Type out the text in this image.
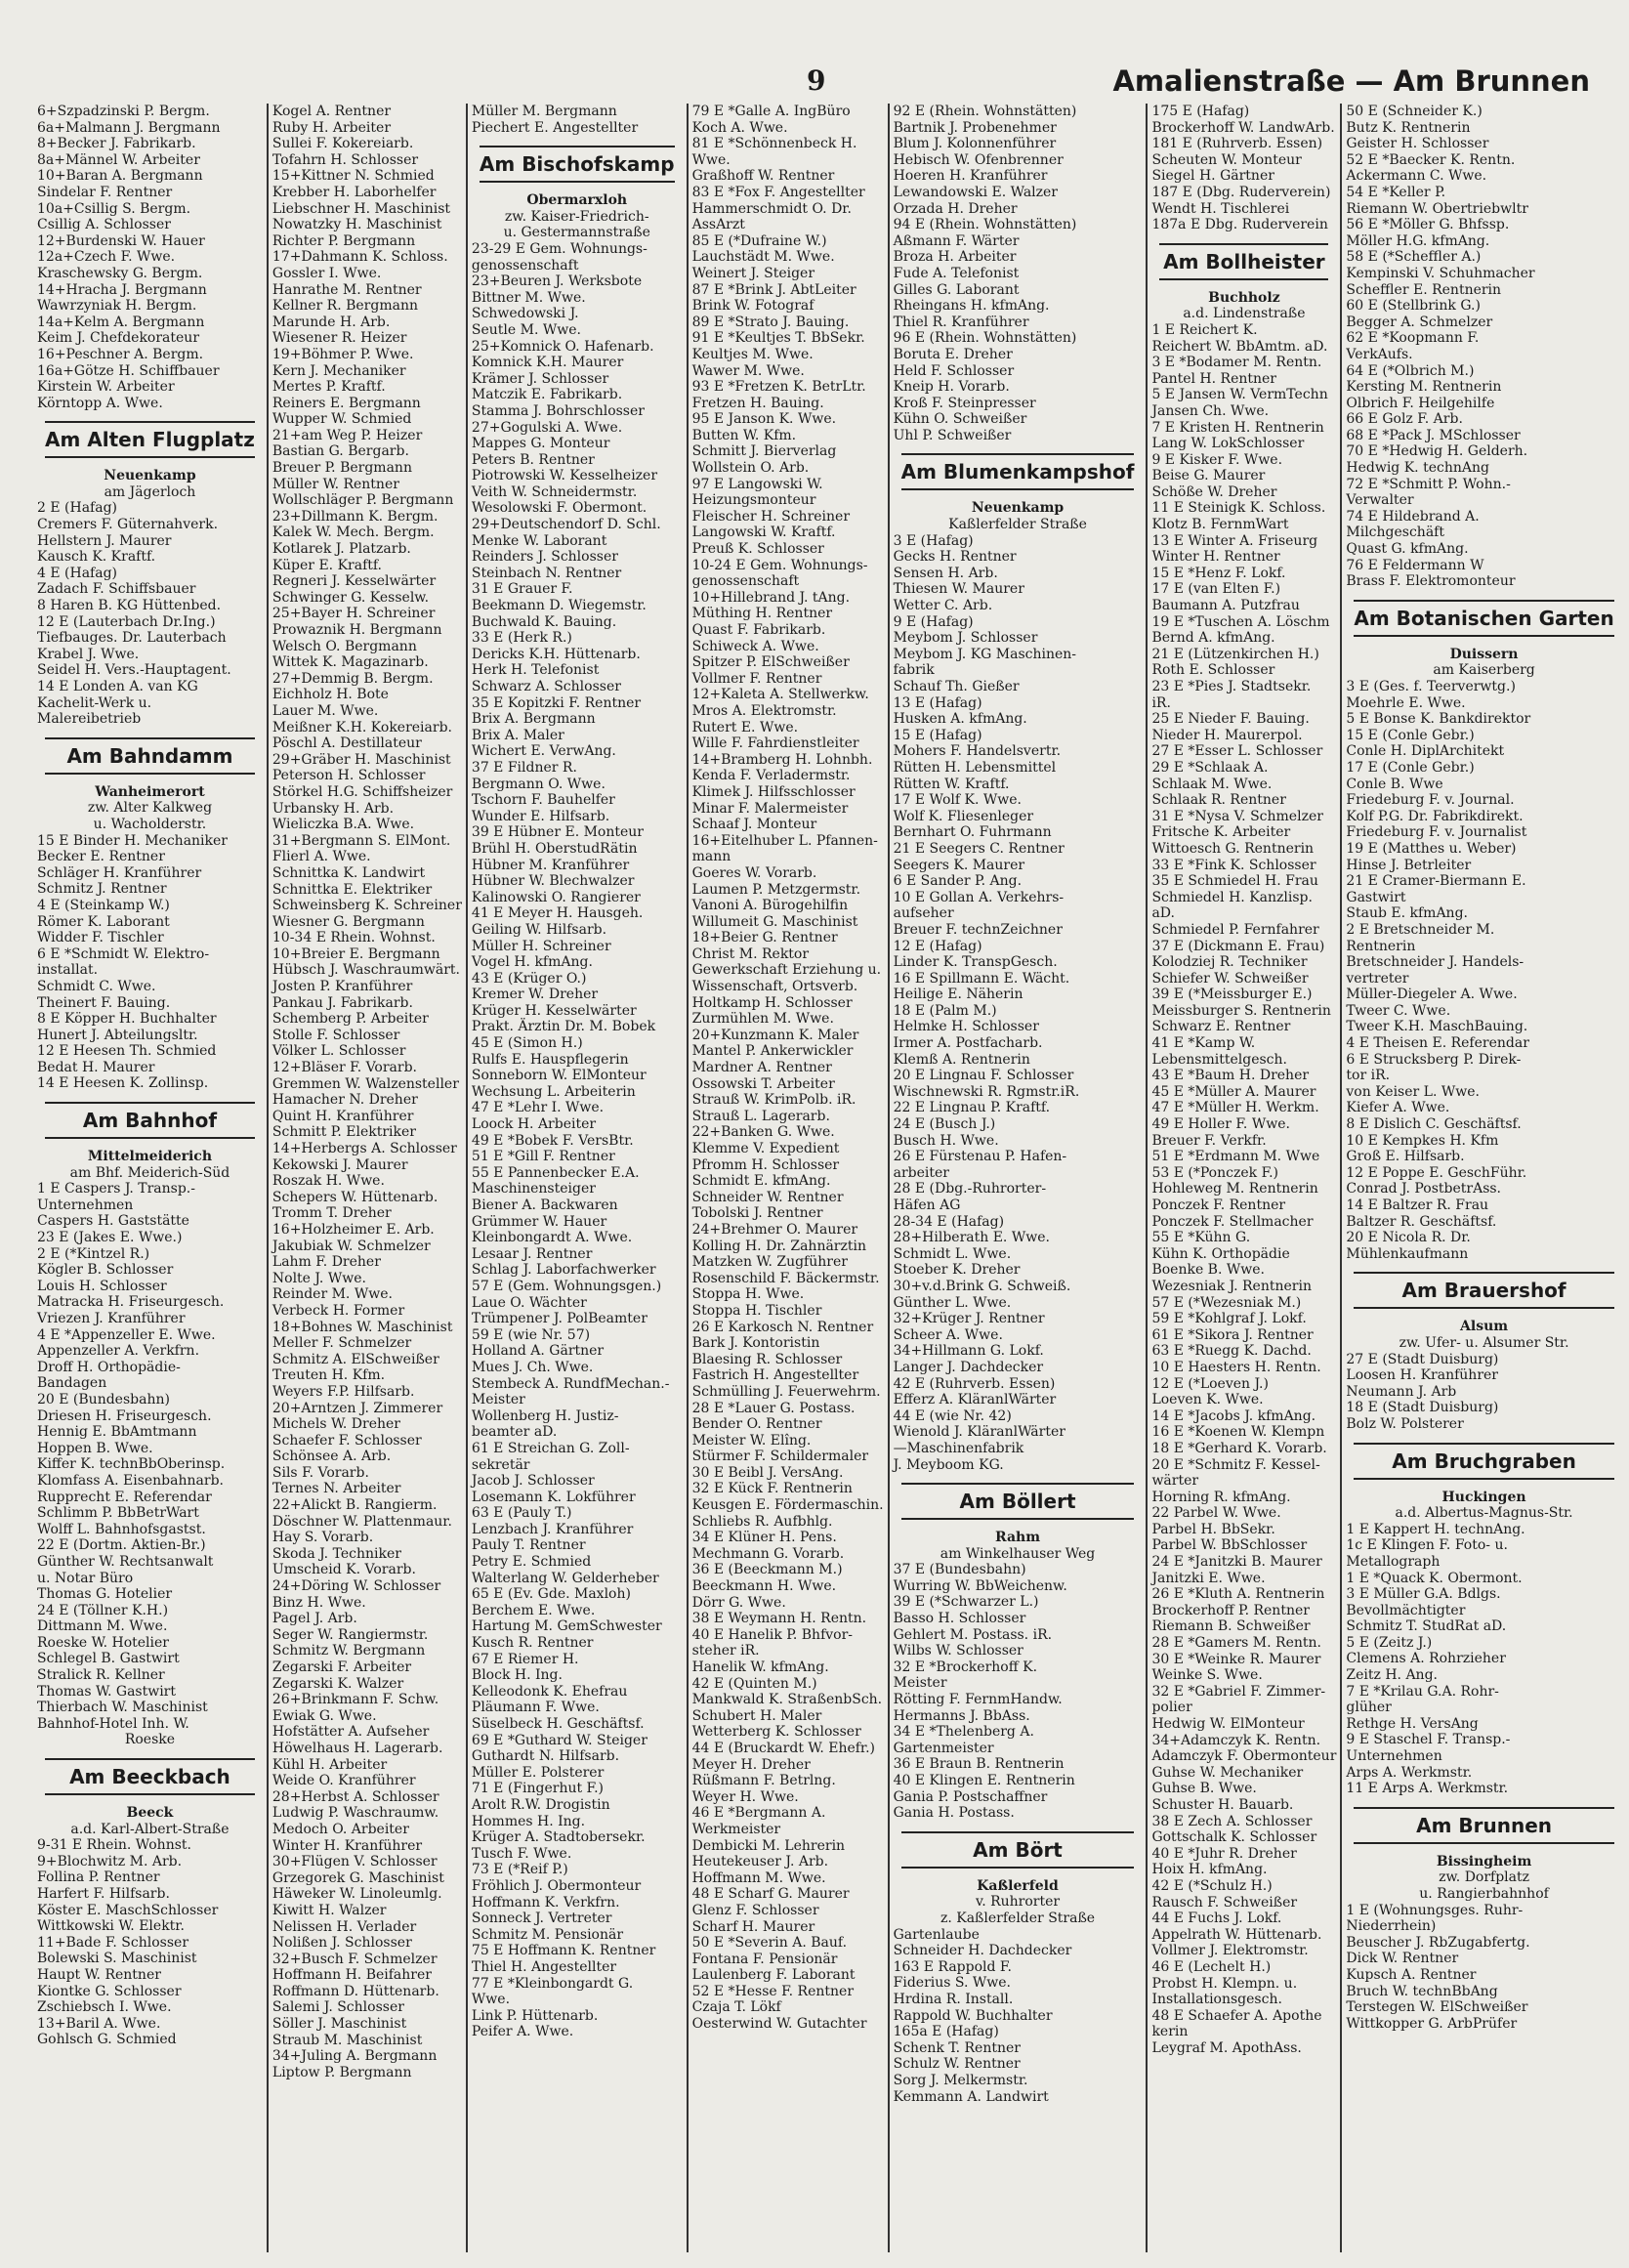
9	Amalienstraße — Am Brunnen
6+Szpadzinski P. Bergm.
6a+Malmann J. Bergmann
8+Becker J. Fabrikarb.
8a+Männel W. Arbeiter
10+Baran A. Bergmann
Sindelar F. Rentner
10a+Csillig S. Bergm.
Csillig A. Schlosser
12+Burdenski W. Hauer
12a+Czech F. Wwe.
Kraschewsky G. Bergm.
14+Hracha J. Bergmann
Wawrzyniak H. Bergm.
14a+Kelm A. Bergmann
Keim J. Chefdekorateur
16+Peschner A. Bergm.
16a+Götze H. Schiffbauer
Kirstein W. Arbeiter
Körntopp A. Wwe.
Am Alten Flugplatz
Neuenkamp
am Jägerloch
2 E (Hafag)
Cremers F. Güternahverk.
Hellstern J. Maurer
Kausch K. Kraftf.
4 E (Hafag)
Zadach F. Schiffsbauer
8 Haren B. KG Hüttenbed.
12 E (Lauterbach Dr.Ing.)
Tiefbauges. Dr. Lauterbach
Krabel J. Wwe.
Seidel H. Vers.-Hauptagent.
14 E Londen A. van KG
Kachelit-Werk u.
Malereibetrieb
Am Bahndamm
Wanheimerort
zw. Alter Kalkweg
u. Wacholderstr.
15 E Binder H. Mechaniker
Becker E. Rentner
Schläger H. Kranführer
Schmitz J. Rentner
4 E (Steinkamp W.)
Römer K. Laborant
Widder F. Tischler
6 E *Schmidt W. Elektro-
installat.
Schmidt C. Wwe.
Theinert F. Bauing.
8 E Köpper H. Buchhalter
Hunert J. Abteilungsltr.
12 E Heesen Th. Schmied
Bedat H. Maurer
14 E Heesen K. Zollinsp.
Am Bahnhof
Mittelmeiderich
am Bhf. Meiderich-Süd
1 E Caspers J. Transp.-
Unternehmen
Caspers H. Gaststätte
23 E (Jakes E. Wwe.)
2 E (*Kintzel R.)
Kögler B. Schlosser
Louis H. Schlosser
Matracka H. Friseurgesch.
Vriezen J. Kranführer
4 E *Appenzeller E. Wwe.
Appenzeller A. Verkfrn.
Droff H. Orthopädie-
Bandagen
20 E (Bundesbahn)
Driesen H. Friseurgesch.
Hennig E. BbAmtmann
Hoppen B. Wwe.
Kiffer K. technBbOberinsp.
Klomfass A. Eisenbahnarb.
Rupprecht E. Referendar
Schlimm P. BbBetrWart
Wolff L. Bahnhofsgastst.
22 E (Dortm. Aktien-Br.)
Günther W. Rechtsanwalt
u. Notar Büro
Thomas G. Hotelier
24 E (Töllner K.H.)
Dittmann M. Wwe.
Roeske W. Hotelier
Schlegel B. Gastwirt
Stralick R. Kellner
Thomas W. Gastwirt
Thierbach W. Maschinist
Bahnhof-Hotel Inh. W.
Roeske
Am Beeckbach
Beeck
a.d. Karl-Albert-Straße
9-31 E Rhein. Wohnst.
9+Blochwitz M. Arb.
Follina P. Rentner
Harfert F. Hilfsarb.
Köster E. MaschSchlosser
Wittkowski W. Elektr.
11+Bade F. Schlosser
Bolewski S. Maschinist
Haupt W. Rentner
Kiontke G. Schlosser
Zschiebsch I. Wwe.
13+Baril A. Wwe.
Gohlsch G. Schmied
Kogel A. Rentner
Ruby H. Arbeiter
Sullei F. Kokereiarb.
Tofahrn H. Schlosser
15+Kittner N. Schmied
Krebber H. Laborhelfer
Liebschner H. Maschinist
Nowatzky H. Maschinist
Richter P. Bergmann
17+Dahmann K. Schloss.
Gossler I. Wwe.
Hanrathe M. Rentner
Kellner R. Bergmann
Marunde H. Arb.
Wiesener R. Heizer
19+Böhmer P. Wwe.
Kern J. Mechaniker
Mertes P. Kraftf.
Reiners E. Bergmann
Wupper W. Schmied
21+am Weg P. Heizer
Bastian G. Bergarb.
Breuer P. Bergmann
Müller W. Rentner
Wollschläger P. Bergmann
23+Dillmann K. Bergm.
Kalek W. Mech. Bergm.
Kotlarek J. Platzarb.
Küper E. Kraftf.
Regneri J. Kesselwärter
Schwinger G. Kesselw.
25+Bayer H. Schreiner
Prowaznik H. Bergmann
Welsch O. Bergmann
Wittek K. Magazinarb.
27+Demmig B. Bergm.
Eichholz H. Bote
Lauer M. Wwe.
Meißner K.H. Kokereiarb.
Pöschl A. Destillateur
29+Gräber H. Maschinist
Peterson H. Schlosser
Störkel H.G. Schiffsheizer
Urbansky H. Arb.
Wieliczka B.A. Wwe.
31+Bergmann S. ElMont.
Flierl A. Wwe.
Schnittka K. Landwirt
Schnittka E. Elektriker
Schweinsberg K. Schreiner
Wiesner G. Bergmann
10-34 E Rhein. Wohnst.
10+Breier E. Bergmann
Hübsch J. Waschraumwärt.
Josten P. Kranführer
Pankau J. Fabrikarb.
Schemberg P. Arbeiter
Stolle F. Schlosser
Völker L. Schlosser
12+Bläser F. Vorarb.
Gremmen W. Walzensteller
Hamacher N. Dreher
Quint H. Kranführer
Schmitt P. Elektriker
14+Herbergs A. Schlosser
Kekowski J. Maurer
Roszak H. Wwe.
Schepers W. Hüttenarb.
Tromm T. Dreher
16+Holzheimer E. Arb.
Jakubiak W. Schmelzer
Lahm F. Dreher
Nolte J. Wwe.
Reinder M. Wwe.
Verbeck H. Former
18+Bohnes W. Maschinist
Meller F. Schmelzer
Schmitz A. ElSchweißer
Treuten H. Kfm.
Weyers F.P. Hilfsarb.
20+Arntzen J. Zimmerer
Michels W. Dreher
Schaefer F. Schlosser
Schönsee A. Arb.
Sils F. Vorarb.
Ternes N. Arbeiter
22+Alickt B. Rangierm.
Döschner W. Plattenmaur.
Hay S. Vorarb.
Skoda J. Techniker
Umscheid K. Vorarb.
24+Döring W. Schlosser
Binz H. Wwe.
Pagel J. Arb.
Seger W. Rangiermstr.
Schmitz W. Bergmann
Zegarski F. Arbeiter
Zegarski K. Walzer
26+Brinkmann F. Schw.
Ewiak G. Wwe.
Hofstätter A. Aufseher
Höwelhaus H. Lagerarb.
Kühl H. Arbeiter
Weide O. Kranführer
28+Herbst A. Schlosser
Ludwig P. Waschraumw.
Medoch O. Arbeiter
Winter H. Kranführer
30+Flügen V. Schlosser
Grzegorek G. Maschinist
Häweker W. Linoleumlg.
Kiwitt H. Walzer
Nelissen H. Verlader
Nolißen J. Schlosser
32+Busch F. Schmelzer
Hoffmann H. Beifahrer
Roffmann D. Hüttenarb.
Salemi J. Schlosser
Söller J. Maschinist
Straub M. Maschinist
34+Juling A. Bergmann
Liptow P. Bergmann
Müller M. Bergmann
Piechert E. Angestellter
Am Bischofskamp
Obermarxloh
zw. Kaiser-Friedrich-
u. Gestermannstraße
23-29 E Gem. Wohnungs-
genossenschaft
23+Beuren J. Werksbote
Bittner M. Wwe.
Schwedowski J.
Seutle M. Wwe.
25+Komnick O. Hafenarb.
Komnick K.H. Maurer
Krämer J. Schlosser
Matczik E. Fabrikarb.
Stamma J. Bohrschlosser
27+Gogulski A. Wwe.
Mappes G. Monteur
Peters B. Rentner
Piotrowski W. Kesselheizer
Veith W. Schneidermstr.
Wesolowski F. Obermont.
29+Deutschendorf D. Schl.
Menke W. Laborant
Reinders J. Schlosser
Steinbach N. Rentner
31 E Grauer F.
Beekmann D. Wiegemstr.
Buchwald K. Bauing.
33 E (Herk R.)
Dericks K.H. Hüttenarb.
Herk H. Telefonist
Schwarz A. Schlosser
35 E Kopitzki F. Rentner
Brix A. Bergmann
Brix A. Maler
Wichert E. VerwAng.
37 E Fildner R.
Bergmann O. Wwe.
Tschorn F. Bauhelfer
Wunder E. Hilfsarb.
39 E Hübner E. Monteur
Brühl H. OberstudRätin
Hübner M. Kranführer
Hübner W. Blechwalzer
Kalinowski O. Rangierer
41 E Meyer H. Hausgeh.
Geiling W. Hilfsarb.
Müller H. Schreiner
Vogel H. kfmAng.
43 E (Krüger O.)
Kremer W. Dreher
Krüger H. Kesselwärter
Prakt. Ärztin Dr. M. Bobek
45 E (Simon H.)
Rulfs E. Hauspflegerin
Sonneborn W. ElMonteur
Wechsung L. Arbeiterin
47 E *Lehr I. Wwe.
Loock H. Arbeiter
49 E *Bobek F. VersBtr.
51 E *Gill F. Rentner
55 E Pannenbecker E.A.
Maschinensteiger
Biener A. Backwaren
Grümmer W. Hauer
Kleinbongardt A. Wwe.
Lesaar J. Rentner
Schlag J. Laborfachwerker
57 E (Gem. Wohnungsgen.)
Laue O. Wächter
Trümpener J. PolBeamter
59 E (wie Nr. 57)
Holland A. Gärtner
Mues J. Ch. Wwe.
Stembeck A. RundfMechan.-
Meister
Wollenberg H. Justiz-
beamter aD.
61 E Streichan G. Zoll-
sekretär
Jacob J. Schlosser
Losemann K. Lokführer
63 E (Pauly T.)
Lenzbach J. Kranführer
Pauly T. Rentner
Petry E. Schmied
Walterlang W. Gelderheber
65 E (Ev. Gde. Maxloh)
Berchem E. Wwe.
Hartung M. GemSchwester
Kusch R. Rentner
67 E Riemer H.
Block H. Ing.
Kelleodonk K. Ehefrau
Pläumann F. Wwe.
Süselbeck H. Geschäftsf.
69 E *Guthard W. Steiger
Guthardt N. Hilfsarb.
Müller E. Polsterer
71 E (Fingerhut F.)
Arolt R.W. Drogistin
Hommes H. Ing.
Krüger A. Stadtobersekr.
Tusch F. Wwe.
73 E (*Reif P.)
Fröhlich J. Obermonteur
Hoffmann K. Verkfrn.
Sonneck J. Vertreter
Schmitz M. Pensionär
75 E Hoffmann K. Rentner
Thiel H. Angestellter
77 E *Kleinbongardt G.
Wwe.
Link P. Hüttenarb.
Peifer A. Wwe.
79 E *Galle A. IngBüro
Koch A. Wwe.
81 E *Schönnenbeck H.
Wwe.
Graßhoff W. Rentner
83 E *Fox F. Angestellter
Hammerschmidt O. Dr.
AssArzt
85 E (*Dufraine W.)
Lauchstädt M. Wwe.
Weinert J. Steiger
87 E *Brink J. AbtLeiter
Brink W. Fotograf
89 E *Strato J. Bauing.
91 E *Keultjes T. BbSekr.
Keultjes M. Wwe.
Wawer M. Wwe.
93 E *Fretzen K. BetrLtr.
Fretzen H. Bauing.
95 E Janson K. Wwe.
Butten W. Kfm.
Schmitt J. Bierverlag
Wollstein O. Arb.
97 E Langowski W.
Heizungsmonteur
Fleischer H. Schreiner
Langowski W. Kraftf.
Preuß K. Schlosser
10-24 E Gem. Wohnungs-
genossenschaft
10+Hillebrand J. tAng.
Müthing H. Rentner
Quast F. Fabrikarb.
Schiweck A. Wwe.
Spitzer P. ElSchweißer
Vollmer F. Rentner
12+Kaleta A. Stellwerkw.
Mros A. Elektromstr.
Rutert E. Wwe.
Wille F. Fahrdienstleiter
14+Bramberg H. Lohnbh.
Kenda F. Verladermstr.
Klimek J. Hilfsschlosser
Minar F. Malermeister
Schaaf J. Monteur
16+Eitelhuber L. Pfannen-
mann
Goeres W. Vorarb.
Laumen P. Metzgermstr.
Vanoni A. Bürogehilfin
Willumeit G. Maschinist
18+Beier G. Rentner
Christ M. Rektor
Gewerkschaft Erziehung u.
Wissenschaft, Ortsverb.
Holtkamp H. Schlosser
Zurmühlen M. Wwe.
20+Kunzmann K. Maler
Mantel P. Ankerwickler
Mardner A. Rentner
Ossowski T. Arbeiter
Strauß W. KrimPolb. iR.
Strauß L. Lagerarb.
22+Banken G. Wwe.
Klemme V. Expedient
Pfromm H. Schlosser
Schmidt E. kfmAng.
Schneider W. Rentner
Tobolski J. Rentner
24+Brehmer O. Maurer
Kolling H. Dr. Zahnärztin
Matzken W. Zugführer
Rosenschild F. Bäckermstr.
Stoppa H. Wwe.
Stoppa H. Tischler
26 E Karkosch N. Rentner
Bark J. Kontoristin
Blaesing R. Schlosser
Fastrich H. Angestellter
Schmülling J. Feuerwehrm.
28 E *Lauer G. Postass.
Bender O. Rentner
Meister W. Elîng.
Stürmer F. Schildermaler
30 E Beibl J. VersAng.
32 E Kück F. Rentnerin
Keusgen E. Fördermaschin.
Schliebs R. Aufbhlg.
34 E Klüner H. Pens.
Mechmann G. Vorarb.
36 E (Beeckmann M.)
Beeckmann H. Wwe.
Dörr G. Wwe.
38 E Weymann H. Rentn.
40 E Hanelik P. Bhfvor-
steher iR.
Hanelik W. kfmAng.
42 E (Quinten M.)
Mankwald K. StraßenbSch.
Schubert H. Maler
Wetterberg K. Schlosser
44 E (Bruckardt W. Ehefr.)
Meyer H. Dreher
Rüßmann F. Betrlng.
Weyer H. Wwe.
46 E *Bergmann A.
Werkmeister
Dembicki M. Lehrerin
Heutekeuser J. Arb.
Hoffmann M. Wwe.
48 E Scharf G. Maurer
Glenz F. Schlosser
Scharf H. Maurer
50 E *Severin A. Bauf.
Fontana F. Pensionär
Laulenberg F. Laborant
52 E *Hesse F. Rentner
Czaja T. Lökf
Oesterwind W. Gutachter
92 E (Rhein. Wohnstätten)
Bartnik J. Probenehmer
Blum J. Kolonnenführer
Hebisch W. Ofenbrenner
Hoeren H. Kranführer
Lewandowski E. Walzer
Orzada H. Dreher
94 E (Rhein. Wohnstätten)
Aßmann F. Wärter
Broza H. Arbeiter
Fude A. Telefonist
Gilles G. Laborant
Rheingans H. kfmAng.
Thiel R. Kranführer
96 E (Rhein. Wohnstätten)
Boruta E. Dreher
Held F. Schlosser
Kneip H. Vorarb.
Kroß F. Steinpresser
Kühn O. Schweißer
Uhl P. Schweißer
Am Blumenkampshof
Neuenkamp
Kaßlerfelder Straße
3 E (Hafag)
Gecks H. Rentner
Sensen H. Arb.
Thiesen W. Maurer
Wetter C. Arb.
9 E (Hafag)
Meybom J. Schlosser
Meybom J. KG Maschinen-
fabrik
Schauf Th. Gießer
13 E (Hafag)
Husken A. kfmAng.
15 E (Hafag)
Mohers F. Handelsvertr.
Rütten H. Lebensmittel
Rütten W. Kraftf.
17 E Wolf K. Wwe.
Wolf K. Fliesenleger
Bernhart O. Fuhrmann
21 E Seegers C. Rentner
Seegers K. Maurer
6 E Sander P. Ang.
10 E Gollan A. Verkehrs-
aufseher
Breuer F. technZeichner
12 E (Hafag)
Linder K. TranspGesch.
16 E Spillmann E. Wächt.
Heilige E. Näherin
18 E (Palm M.)
Helmke H. Schlosser
Irmer A. Postfacharb.
Klemß A. Rentnerin
20 E Lingnau F. Schlosser
Wischnewski R. Rgmstr.iR.
22 E Lingnau P. Kraftf.
24 E (Busch J.)
Busch H. Wwe.
26 E Fürstenau P. Hafen-
arbeiter
28 E (Dbg.-Ruhrorter-
Häfen AG
28-34 E (Hafag)
28+Hilberath E. Wwe.
Schmidt L. Wwe.
Stoeber K. Dreher
30+v.d.Brink G. Schweiß.
Günther L. Wwe.
32+Krüger J. Rentner
Scheer A. Wwe.
34+Hillmann G. Lokf.
Langer J. Dachdecker
42 E (Ruhrverb. Essen)
Efferz A. KläranlWärter
44 E (wie Nr. 42)
Wienold J. KläranlWärter
—Maschinenfabrik
J. Meyboom KG.
Am Böllert
Rahm
am Winkelhauser Weg
37 E (Bundesbahn)
Wurring W. BbWeichenw.
39 E (*Schwarzer L.)
Basso H. Schlosser
Gehlert M. Postass. iR.
Wilbs W. Schlosser
32 E *Brockerhoff K.
Meister
Rötting F. FernmHandw.
Hermanns J. BbAss.
34 E *Thelenberg A.
Gartenmeister
36 E Braun B. Rentnerin
40 E Klingen E. Rentnerin
Gania P. Postschaffner
Gania H. Postass.
Am Bört
Kaßlerfeld
v. Ruhrorter
z. Kaßlerfelder Straße
Gartenlaube
Schneider H. Dachdecker
163 E Rappold F.
Fiderius S. Wwe.
Hrdina R. Install.
Rappold W. Buchhalter
165a E (Hafag)
Schenk T. Rentner
Schulz W. Rentner
Sorg J. Melkermstr.
Kemmann A. Landwirt
175 E (Hafag)
Brockerhoff W. LandwArb.
181 E (Ruhrverb. Essen)
Scheuten W. Monteur
Siegel H. Gärtner
187 E (Dbg. Ruderverein)
Wendt H. Tischlerei
187a E Dbg. Ruderverein
Am Bollheister
Buchholz
a.d. Lindenstraße
1 E Reichert K.
Reichert W. BbAmtm. aD.
3 E *Bodamer M. Rentn.
Pantel H. Rentner
5 E Jansen W. VermTechn
Jansen Ch. Wwe.
7 E Kristen H. Rentnerin
Lang W. LokSchlosser
9 E Kisker F. Wwe.
Beise G. Maurer
Schöße W. Dreher
11 E Steinigk K. Schloss.
Klotz B. FernmWart
13 E Winter A. Friseurg
Winter H. Rentner
15 E *Henz F. Lokf.
17 E (van Elten F.)
Baumann A. Putzfrau
19 E *Tuschen A. Löschm
Bernd A. kfmAng.
21 E (Lützenkirchen H.)
Roth E. Schlosser
23 E *Pies J. Stadtsekr.
iR.
25 E Nieder F. Bauing.
Nieder H. Maurerpol.
27 E *Esser L. Schlosser
29 E *Schlaak A.
Schlaak M. Wwe.
Schlaak R. Rentner
31 E *Nysa V. Schmelzer
Fritsche K. Arbeiter
Wittoesch G. Rentnerin
33 E *Fink K. Schlosser
35 E Schmiedel H. Frau
Schmiedel H. Kanzlisp.
aD.
Schmiedel P. Fernfahrer
37 E (Dickmann E. Frau)
Kolodziej R. Techniker
Schiefer W. Schweißer
39 E (*Meissburger E.)
Meissburger S. Rentnerin
Schwarz E. Rentner
41 E *Kamp W.
Lebensmittelgesch.
43 E *Baum H. Dreher
45 E *Müller A. Maurer
47 E *Müller H. Werkm.
49 E Holler F. Wwe.
Breuer F. Verkfr.
51 E *Erdmann M. Wwe
53 E (*Ponczek F.)
Hohleweg M. Rentnerin
Ponczek F. Rentner
Ponczek F. Stellmacher
55 E *Kühn G.
Kühn K. Orthopädie
Boenke B. Wwe.
Wezesniak J. Rentnerin
57 E (*Wezesniak M.)
59 E *Kohlgraf J. Lokf.
61 E *Sikora J. Rentner
63 E *Ruegg K. Dachd.
10 E Haesters H. Rentn.
12 E (*Loeven J.)
Loeven K. Wwe.
14 E *Jacobs J. kfmAng.
16 E *Koenen W. Klempn
18 E *Gerhard K. Vorarb.
20 E *Schmitz F. Kessel-
wärter
Horning R. kfmAng.
22 Parbel W. Wwe.
Parbel H. BbSekr.
Parbel W. BbSchlosser
24 E *Janitzki B. Maurer
Janitzki E. Wwe.
26 E *Kluth A. Rentnerin
Brockerhoff P. Rentner
Riemann B. Schweißer
28 E *Gamers M. Rentn.
30 E *Weinke R. Maurer
Weinke S. Wwe.
32 E *Gabriel F. Zimmer-
polier
Hedwig W. ElMonteur
34+Adamczyk K. Rentn.
Adamczyk F. Obermonteur
Guhse W. Mechaniker
Guhse B. Wwe.
Schuster H. Bauarb.
38 E Zech A. Schlosser
Gottschalk K. Schlosser
40 E *Juhr R. Dreher
Hoix H. kfmAng.
42 E (*Schulz H.)
Rausch F. Schweißer
44 E Fuchs J. Lokf.
Appelrath W. Hüttenarb.
Vollmer J. Elektromstr.
46 E (Lechelt H.)
Probst H. Klempn. u.
Installationsgesch.
48 E Schaefer A. Apothe
kerin
Leygraf M. ApothAss.
50 E (Schneider K.)
Butz K. Rentnerin
Geister H. Schlosser
52 E *Baecker K. Rentn.
Ackermann C. Wwe.
54 E *Keller P.
Riemann W. Obertriebwltr
56 E *Möller G. Bhfssp.
Möller H.G. kfmAng.
58 E (*Scheffler A.)
Kempinski V. Schuhmacher
Scheffler E. Rentnerin
60 E (Stellbrink G.)
Begger A. Schmelzer
62 E *Koopmann F.
VerkAufs.
64 E (*Olbrich M.)
Kersting M. Rentnerin
Olbrich F. Heilgehilfe
66 E Golz F. Arb.
68 E *Pack J. MSchlosser
70 E *Hedwig H. Gelderh.
Hedwig K. technAng
72 E *Schmitt P. Wohn.-
Verwalter
74 E Hildebrand A.
Milchgeschäft
Quast G. kfmAng.
76 E Feldermann W
Brass F. Elektromonteur
Am Botanischen Garten
Duissern
am Kaiserberg
3 E (Ges. f. Teerverwtg.)
Moehrle E. Wwe.
5 E Bonse K. Bankdirektor
15 E (Conle Gebr.)
Conle H. DiplArchitekt
17 E (Conle Gebr.)
Conle B. Wwe
Friedeburg F. v. Journal.
Kolf P.G. Dr. Fabrikdirekt.
Friedeburg F. v. Journalist
19 E (Matthes u. Weber)
Hinse J. Betrleiter
21 E Cramer-Biermann E.
Gastwirt
Staub E. kfmAng.
2 E Bretschneider M.
Rentnerin
Bretschneider J. Handels-
vertreter
Müller-Diegeler A. Wwe.
Tweer C. Wwe.
Tweer K.H. MaschBauing.
4 E Theisen E. Referendar
6 E Strucksberg P. Direk-
tor iR.
von Keiser L. Wwe.
Kiefer A. Wwe.
8 E Dislich C. Geschäftsf.
10 E Kempkes H. Kfm
Groß E. Hilfsarb.
12 E Poppe E. GeschFühr.
Conrad J. PostbetrAss.
14 E Baltzer R. Frau
Baltzer R. Geschäftsf.
20 E Nicola R. Dr.
Mühlenkaufmann
Am Brauershof
Alsum
zw. Ufer- u. Alsumer Str.
27 E (Stadt Duisburg)
Loosen H. Kranführer
Neumann J. Arb
18 E (Stadt Duisburg)
Bolz W. Polsterer
Am Bruchgraben
Huckingen
a.d. Albertus-Magnus-Str.
1 E Kappert H. technAng.
1c E Klingen F. Foto- u.
Metallograph
1 E *Quack K. Obermont.
3 E Müller G.A. Bdlgs.
Bevollmächtigter
Schmitz T. StudRat aD.
5 E (Zeitz J.)
Clemens A. Rohrzieher
Zeitz H. Ang.
7 E *Krilau G.A. Rohr-
glüher
Rethge H. VersAng
9 E Staschel F. Transp.-
Unternehmen
Arps A. Werkmstr.
11 E Arps A. Werkmstr.
Am Brunnen
Bissingheim
zw. Dorfplatz
u. Rangierbahnhof
1 E (Wohnungsges. Ruhr-
Niederrhein)
Beuscher J. RbZugabfertg.
Dick W. Rentner
Kupsch A. Rentner
Bruch W. technBbAng
Terstegen W. ElSchweißer
Wittkopper G. ArbPrüfer
